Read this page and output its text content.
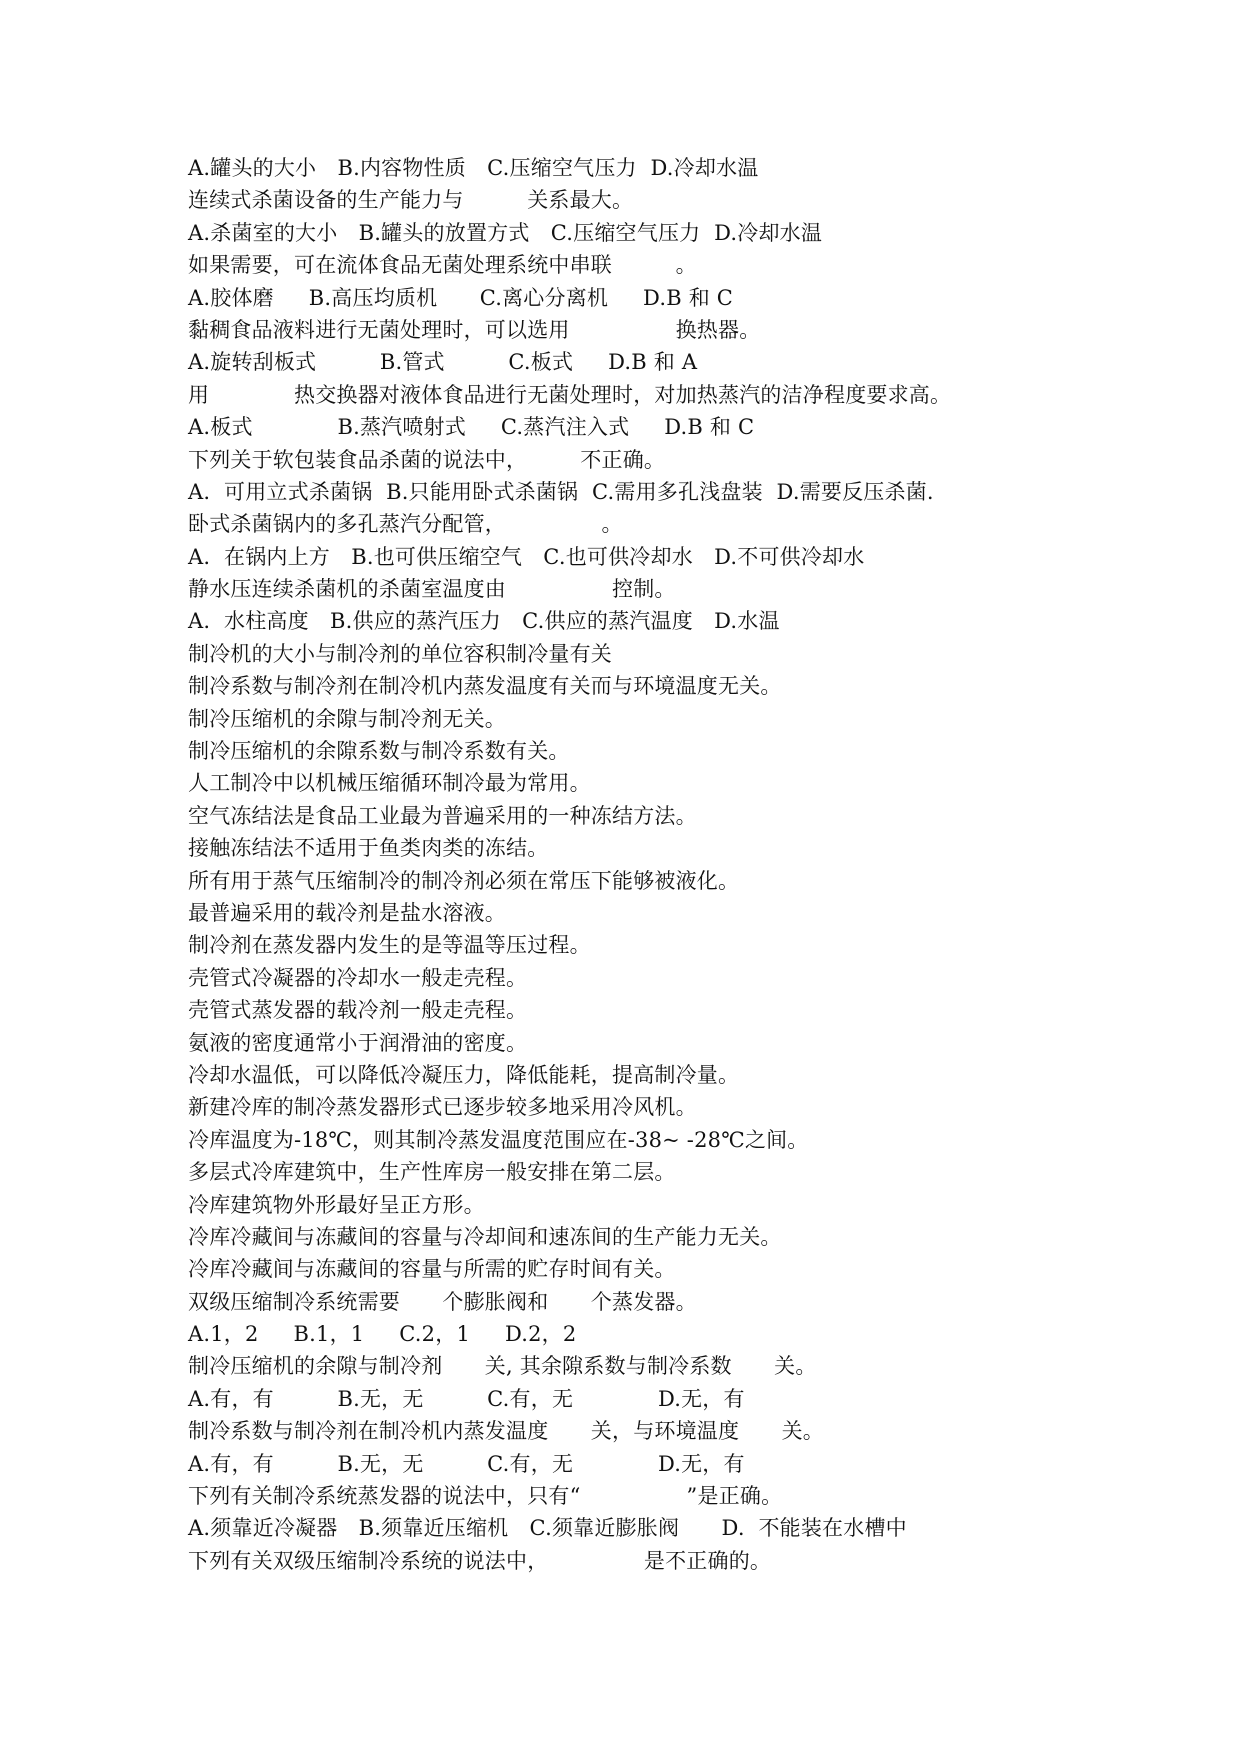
A.罐头的大小　B.内容物性质　C.压缩空气压力  D.冷却水温
连续式杀菌设备的生产能力与　　　关系最大。
A.杀菌室的大小　B.罐头的放置方式　C.压缩空气压力  D.冷却水温
如果需要，可在流体食品无菌处理系统中串联　　　。
A.胶体磨　  B.高压均质机　　C.离心分离机　  D.B 和 C
黏稠食品液料进行无菌处理时，可以选用　　　　　换热器。
A.旋转刮板式　　　B.管式　　　C.板式　  D.B 和 A
用　　　　热交换器对液体食品进行无菌处理时，对加热蒸汽的洁净程度要求高。
A.板式　　　　B.蒸汽喷射式　  C.蒸汽注入式　  D.B 和 C
下列关于软包装食品杀菌的说法中，　　　不正确。
A.  可用立式杀菌锅  B.只能用卧式杀菌锅  C.需用多孔浅盘装  D.需要反压杀菌.
卧式杀菌锅内的多孔蒸汽分配管，　　　　　。
A.  在锅内上方　B.也可供压缩空气　C.也可供冷却水　D.不可供冷却水
静水压连续杀菌机的杀菌室温度由　　　　　控制。
A.  水柱高度　B.供应的蒸汽压力　C.供应的蒸汽温度　D.水温
制冷机的大小与制冷剂的单位容积制冷量有关
制冷系数与制冷剂在制冷机内蒸发温度有关而与环境温度无关。
制冷压缩机的余隙与制冷剂无关。
制冷压缩机的余隙系数与制冷系数有关。
人工制冷中以机械压缩循环制冷最为常用。
空气冻结法是食品工业最为普遍采用的一种冻结方法。
接触冻结法不适用于鱼类肉类的冻结。
所有用于蒸气压缩制冷的制冷剂必须在常压下能够被液化。
最普遍采用的载冷剂是盐水溶液。
制冷剂在蒸发器内发生的是等温等压过程。
壳管式冷凝器的冷却水一般走壳程。
壳管式蒸发器的载冷剂一般走壳程。
氨液的密度通常小于润滑油的密度。
冷却水温低，可以降低冷凝压力，降低能耗，提高制冷量。
新建冷库的制冷蒸发器形式已逐步较多地采用冷风机。
冷库温度为-18℃，则其制冷蒸发温度范围应在-38~ -28℃之间。
多层式冷库建筑中，生产性库房一般安排在第二层。
冷库建筑物外形最好呈正方形。
冷库冷藏间与冻藏间的容量与冷却间和速冻间的生产能力无关。
冷库冷藏间与冻藏间的容量与所需的贮存时间有关。
双级压缩制冷系统需要　　个膨胀阀和　　个蒸发器。
A.1，2　  B.1，1　  C.2，1　  D.2，2
制冷压缩机的余隙与制冷剂　　关, 其余隙系数与制冷系数　　关。
A.有，有　　　B.无，无　　　C.有，无　　　　D.无，有
制冷系数与制冷剂在制冷机内蒸发温度　　关，与环境温度　　关。
A.有，有　　　B.无，无　　　C.有，无　　　　D.无，有
下列有关制冷系统蒸发器的说法中，只有“　　　　　”是正确。
A.须靠近冷凝器　B.须靠近压缩机　C.须靠近膨胀阀　　D.  不能装在水槽中
下列有关双级压缩制冷系统的说法中，　　　　　是不正确的。
